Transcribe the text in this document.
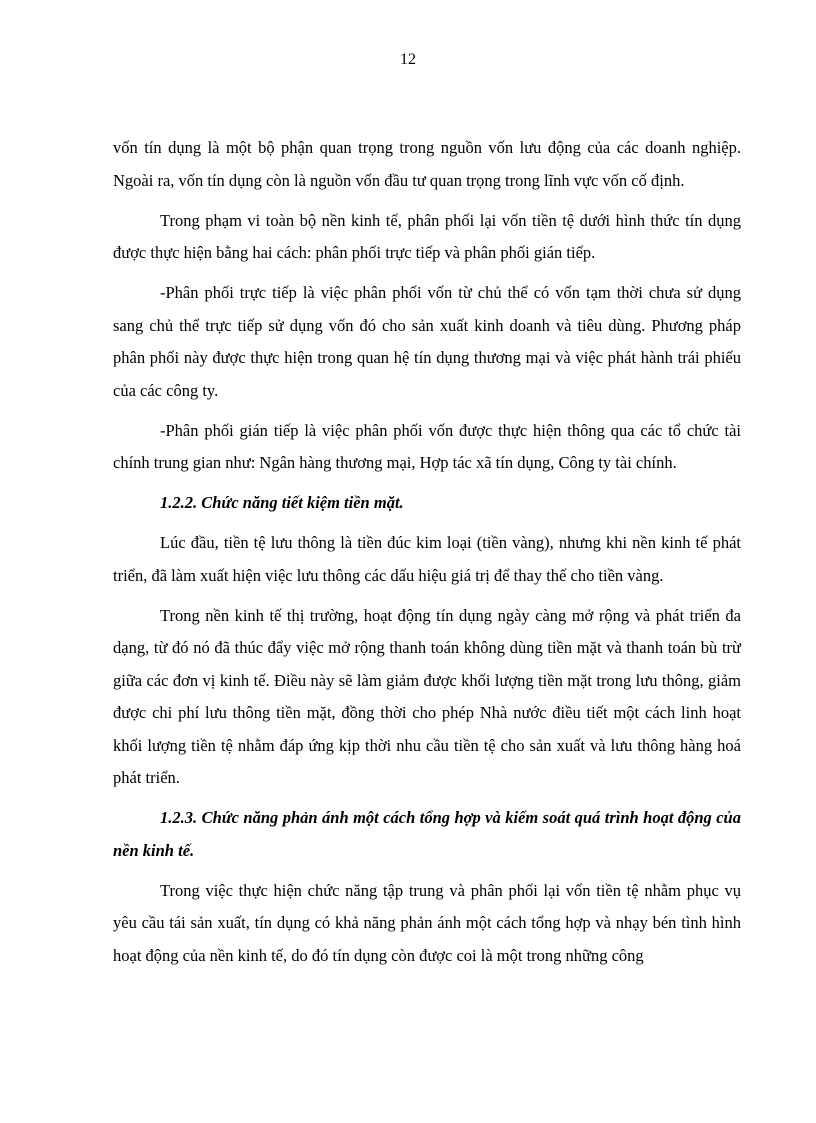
12

vốn tín dụng là một bộ phận quan trọng trong nguồn vốn lưu động của các doanh nghiệp. Ngoài ra, vốn tín dụng còn là nguồn vốn đầu tư quan trọng trong lĩnh vực vốn cố định.

Trong phạm vi toàn bộ nền kinh tế, phân phối lại vốn tiền tệ dưới hình thức tín dụng được thực hiện bằng hai cách: phân phối trực tiếp và phân phối gián tiếp.

-Phân phối trực tiếp là việc phân phối vốn từ chủ thể có vốn tạm thời chưa sử dụng sang chủ thể trực tiếp sử dụng vốn đó cho sản xuất kinh doanh và tiêu dùng. Phương pháp phân phối này được thực hiện trong quan hệ tín dụng thương mại và việc phát hành trái phiếu của các công ty.

-Phân phối gián tiếp là việc phân phối vốn được thực hiện thông qua các tổ chức tài chính trung gian như: Ngân hàng thương mại, Hợp tác xã tín dụng, Công ty tài chính.

1.2.2. Chức năng tiết kiệm tiền mặt.

Lúc đầu, tiền tệ lưu thông là tiền đúc kim loại (tiền vàng), nhưng khi nền kinh tế phát triển, đã làm xuất hiện việc lưu thông các dấu hiệu giá trị để thay thế cho tiền vàng.

Trong nền kinh tế thị trường, hoạt động tín dụng ngày càng mở rộng và phát triển đa dạng, từ đó nó đã thúc đẩy việc mở rộng thanh toán không dùng tiền mặt và thanh toán bù trừ giữa các đơn vị kinh tế. Điều này sẽ làm giảm được khối lượng tiền mặt trong lưu thông, giảm được chi phí lưu thông tiền mặt, đồng thời cho phép Nhà nước điều tiết một cách linh hoạt khối lượng tiền tệ nhằm đáp ứng kịp thời nhu cầu tiền tệ cho sản xuất và lưu thông hàng hoá phát triển.

1.2.3. Chức năng phản ánh một cách tổng hợp và kiểm soát quá trình hoạt động của nền kinh tế.

Trong việc thực hiện chức năng tập trung và phân phối lại vốn tiền tệ nhằm phục vụ yêu cầu tái sản xuất, tín dụng có khả năng phản ánh một cách tổng hợp và nhạy bén tình hình hoạt động của nền kinh tế, do đó tín dụng còn được coi là một trong những công
